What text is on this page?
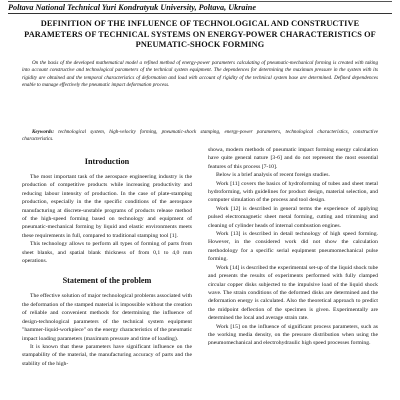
Poltava National Technical Yuri Kondratyuk University, Poltava, Ukraine
DEFINITION OF THE INFLUENCE OF TECHNOLOGICAL AND CONSTRUCTIVE PARAMETERS OF TECHNICAL SYSTEMS ON ENERGY-POWER CHARACTERISTICS OF PNEUMATIC-SHOCK FORMING

On the basis of the developed mathematical model a refined method of energy-power parameters calculating of pneumatic-mechanical forming is created with taking into account constructive and technological parameters of the technical system equipment. The dependences for determining the maximum pressure in the system with its rigidity are obtained and the temporal characteristics of deformation and load with account of rigidity of the technical system base are determined. Defined dependences enable to manage effectively the pneumatic impact deformation process.

Keywords: technological system, high-velocity forming, pneumatic-shock stamping, energy-power parameters, technological characteristics, constructive characteristics.

Introduction

The most important task of the aerospace engineering industry is the production of competitive products while increasing productivity and reducing labour intensity of production. In the case of plate-stamping production, especially in the the specific conditions of the aerospace manufacturing at discrete-unstable programs of products release method of the high-speed forming based on technology and equipment of pneumatic-mechanical forming by liquid and elastic environments meets these requirements in full, compared to traditional stamping tool [1].

This technology allows to perform all types of forming of parts from sheet blanks, and spatial blank thickness of from 0,1 to 4,0 mm operations.

Statement of the problem

The effective solution of major technological problems associated with the deformation of the stamped material is impossible without the creation of reliable and convenient methods for determining the influence of design-technological parameters of the technical system equipment "hammer-liquid-workpiece" on the energy characteristics of the pneumatic impact loading parameters (maximum pressure and time of loading).

It is known that these parameters have significant influence on the stampability of the material, the manufacturing accuracy of parts and the stability of the high-

showa, modern methods of pneumatic impact forming energy calculation have quite general nature [3-6] and do not represent the most essential features of this process [7-10].

Below is a brief analysis of recent foreign studies.

Work [11] covers the basics of hydroforming of tubes and sheet metal hydroforming, with guidelines for product design, material selection, and computer simulation of the process and tool design.

Work [12] is described in general terms the experience of applying pulsed electromagnetic sheet metal forming, cutting and trimming and cleaning of cylinder heads of internal combustion engines.

Work [13] is described in detail technology of high speed forming. However, in the considered work did not show the calculation methodology for a specific serial equipment pneumomechanical pulse forming.

Work [14] is described the experimental set-up of the liquid shock tube and presents the results of experiments performed with fully clamped circular copper disks subjected to the impulsive load of the liquid shock wave. The strain conditions of the deformed disks are determined and the deformation energy is calculated. Also the theoretical approach to predict the midpoint deflection of the specimen is given. Experimentally are determined the local and average strain rate.

Work [15] on the influence of significant process parameters, such as the working media density, on the pressure distribution when using the pneumomechanical and electrohydraulic high speed processes forming.
